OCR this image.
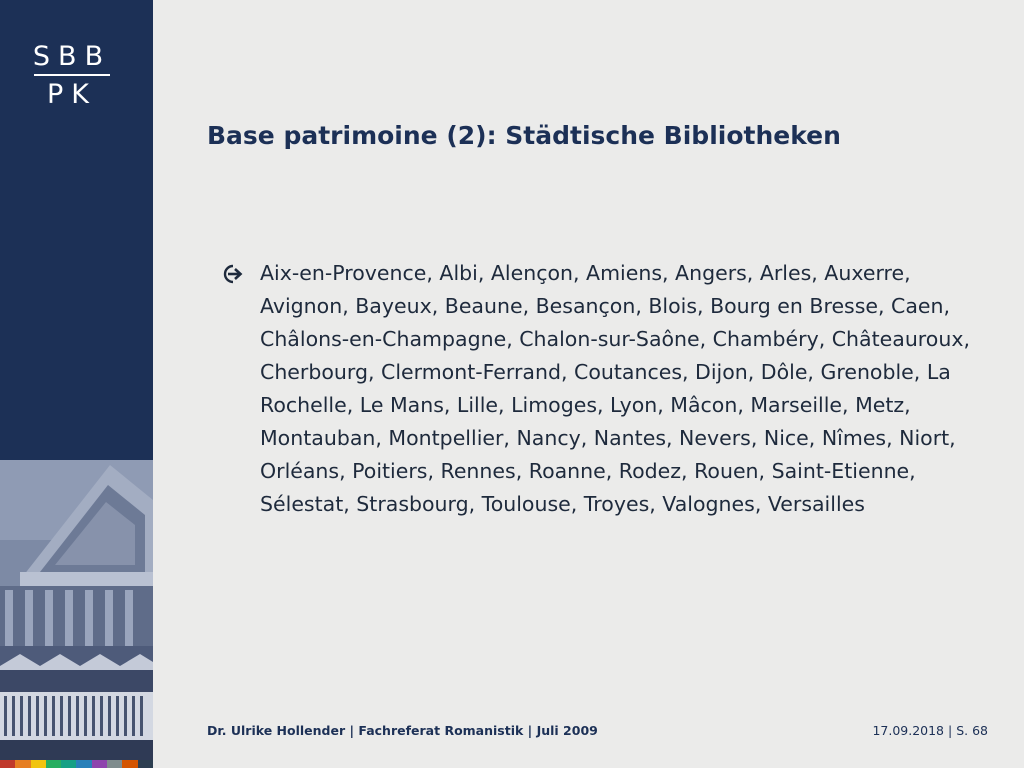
SBB
PK
Base patrimoine (2): Städtische Bibliotheken
Aix-en-Provence, Albi, Alençon, Amiens, Angers, Arles, Auxerre, Avignon, Bayeux, Beaune, Besançon, Blois, Bourg en Bresse, Caen, Châlons-en-Champagne, Chalon-sur-Saône, Chambéry, Châteauroux, Cherbourg, Clermont-Ferrand, Coutances, Dijon, Dôle, Grenoble, La Rochelle, Le Mans, Lille, Limoges, Lyon, Mâcon, Marseille, Metz, Montauban, Montpellier, Nancy, Nantes, Nevers, Nice, Nîmes, Niort, Orléans, Poitiers, Rennes, Roanne, Rodez, Rouen, Saint-Etienne, Sélestat, Strasbourg, Toulouse, Troyes, Valognes, Versailles
Dr. Ulrike Hollender | Fachreferat Romanistik | Juli 2009	17.09.2018 | S. 68
